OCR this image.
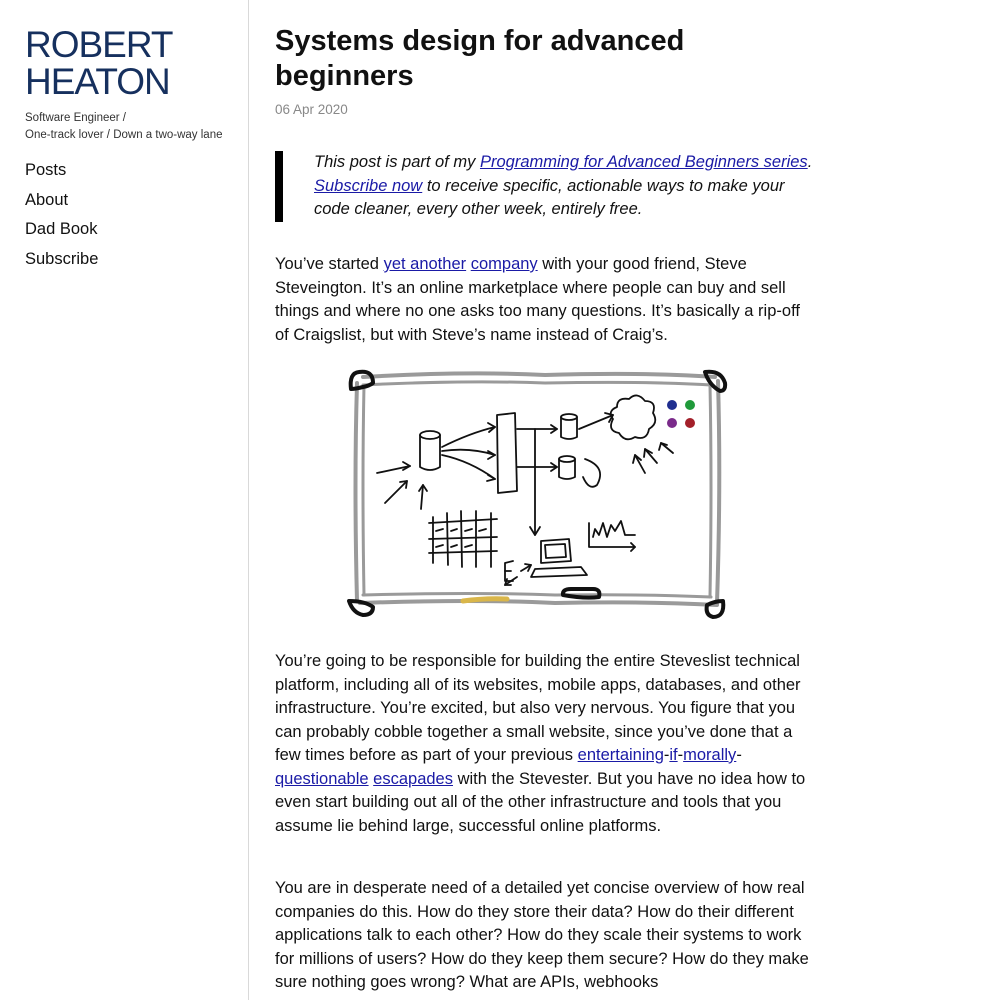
ROBERT
HEATON
Software Engineer /
One-track lover / Down a two-way lane
Posts
About
Dad Book
Subscribe
Systems design for advanced beginners
06 Apr 2020

This post is part of my Programming for Advanced Beginners series. Subscribe now to receive specific, actionable ways to make your code cleaner, every other week, entirely free.

You’ve started yet another company with your good friend, Steve Steveington. It’s an online marketplace where people can buy and sell things and where no one asks too many questions. It’s basically a rip-off of Craigslist, but with Steve’s name instead of Craig’s.

You’re going to be responsible for building the entire Steveslist technical platform, including all of its websites, mobile apps, databases, and other infrastructure. You’re excited, but also very nervous. You figure that you can probably cobble together a small website, since you’ve done that a few times before as part of your previous entertaining-if-morally-questionable escapades with the Stevester. But you have no idea how to even start building out all of the other infrastructure and tools that you assume lie behind large, successful online platforms.

You are in desperate need of a detailed yet concise overview of how real companies do this. How do they store their data? How do their different applications talk to each other? How do they scale their systems to work for millions of users? How do they keep them secure? How do they make sure nothing goes wrong? What are APIs, webhooks
